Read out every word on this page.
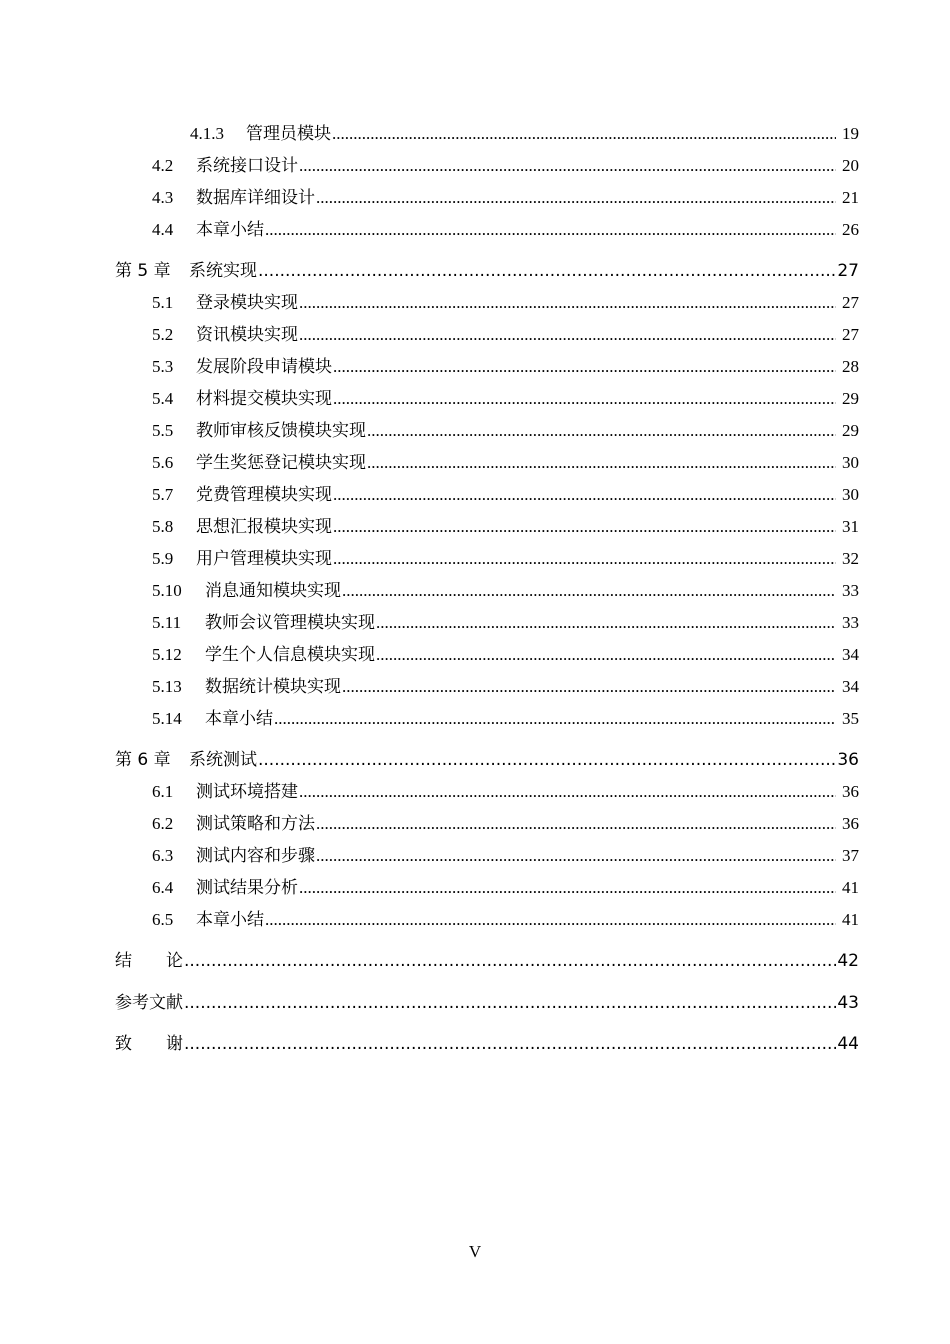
4.1.3	管理员模块 .....	19
4.2	系统接口设计 .....	20
4.3	数据库详细设计 .....	21
4.4	本章小结 .....	26
第 5 章	系统实现 .....	27
5.1	登录模块实现 .....	27
5.2	资讯模块实现 .....	27
5.3	发展阶段申请模块 .....	28
5.4	材料提交模块实现 .....	29
5.5	教师审核反馈模块实现 .....	29
5.6	学生奖惩登记模块实现 .....	30
5.7	党费管理模块实现 .....	30
5.8	思想汇报模块实现 .....	31
5.9	用户管理模块实现 .....	32
5.10	消息通知模块实现 .....	33
5.11	教师会议管理模块实现 .....	33
5.12	学生个人信息模块实现 .....	34
5.13	数据统计模块实现 .....	34
5.14	本章小结 .....	35
第 6 章	系统测试 .....	36
6.1	测试环境搭建 .....	36
6.2	测试策略和方法 .....	36
6.3	测试内容和步骤 .....	37
6.4	测试结果分析 .....	41
6.5	本章小结 .....	41
结　　论 .....	42
参考文献 .....	43
致　　谢 .....	44
V
